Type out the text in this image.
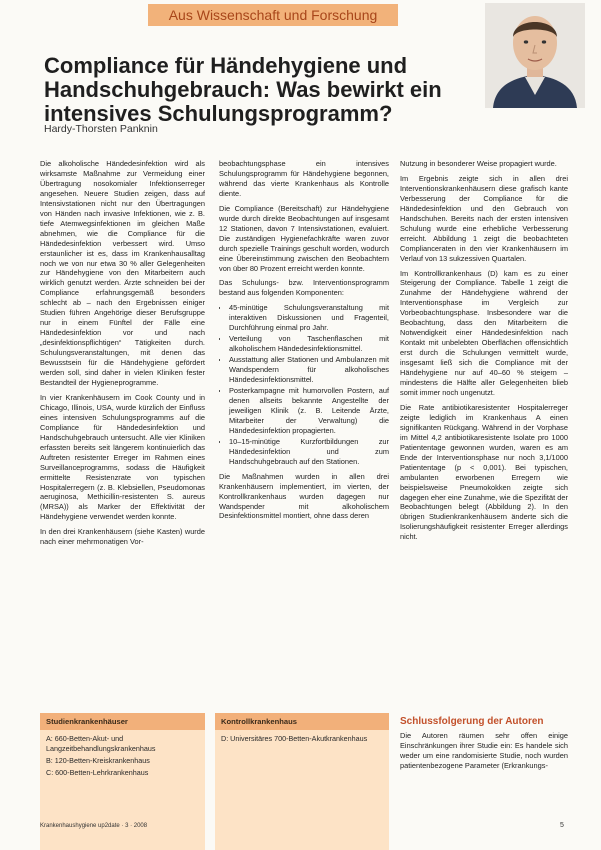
Aus Wissenschaft und Forschung
Compliance für Händehygiene und Handschuhgebrauch: Was bewirkt ein intensives Schulungsprogramm?
Hardy-Thorsten Panknin

Die alkoholische Händedesinfektion wird als wirksamste Maßnahme zur Vermeidung einer Übertragung nosokomialer Infektionserreger angesehen. Neuere Studien zeigen, dass auf Intensivstationen nicht nur den Übertragungen von Händen nach invasive Infektionen, wie z. B. tiefe Atemwegsinfektionen im gleichen Maße abnehmen, wie die Compliance für die Händedesinfektion verbessert wird. Umso erstaunlicher ist es, dass im Krankenhausalltag noch we von nur etwa 30 % aller Gelegenheiten zur Händehygiene von den Mitarbeitern auch wirklich genutzt werden. Ärzte schneiden bei der Compliance erfahrungsgemäß besonders schlecht ab – nach den Ergebnissen einiger Studien führen Angehörige dieser Berufsgruppe nur in einem Fünftel der Fälle eine Händedesinfektion vor und nach „desinfektionspflichtigen“ Tätigkeiten durch. Schulungsveranstaltungen, mit denen das Bewusstsein für die Händehygiene gefördert werden soll, sind daher in vielen Kliniken fester Bestandteil der Hygieneprogramme.

In vier Krankenhäusern im Cook County und in Chicago, Illinois, USA, wurde kürzlich der Einfluss eines intensiven Schulungsprogramms auf die Compliance für Händedesinfektion und Handschuhgebrauch untersucht. Alle vier Kliniken erfassten bereits seit längerem kontinuierlich das Auftreten resistenter Erreger im Rahmen eines Surveillanceprogramms, sodass die Häufigkeit ermittelte Resistenzrate von typischen Hospitalerregern (z. B. Klebsiellen, Pseudomonas aeruginosa, Methicillin-resistenten S. aureus (MRSA)) als Marker der Effektivität der Händehygiene verwendet werden konnte.

In den drei Krankenhäusern (siehe Kasten) wurde nach einer mehrmonatigen Vor-

beobachtungsphase ein intensives Schulungsprogramm für Händehygiene begonnen, während das vierte Krankenhaus als Kontrolle diente.

Die Compliance (Bereitschaft) zur Händehygiene wurde durch direkte Beobachtungen auf insgesamt 12 Stationen, davon 7 Intensivstationen, evaluiert. Die zuständigen Hygienefachkräfte waren zuvor durch spezielle Trainings geschult worden, wodurch eine Übereinstimmung zwischen den Beobachtern von über 80 Prozent erreicht werden konnte.

Das Schulungs- bzw. Interventionsprogramm bestand aus folgenden Komponenten:

• 45-minütige Schulungsveranstaltung mit interaktiven Diskussionen und Fragenteil, Durchführung einmal pro Jahr.
• Verteilung von Taschenflaschen mit alkoholischem Händedesinfektionsmittel.
• Ausstattung aller Stationen und Ambulanzen mit Wandspendern für alkoholisches Händedesinfektionsmittel.
• Posterkampagne mit humorvollen Postern, auf denen allseits bekannte Angestellte der jeweiligen Klinik (z. B. Leitende Ärzte, Mitarbeiter der Verwaltung) die Händedesinfektion propagierten.
• 10–15-minütige Kurzfortbildungen zur Händedesinfektion und zum Handschuhgebrauch auf den Stationen.

Die Maßnahmen wurden in allen drei Krankenhäusern implementiert, im vierten, der Kontrollkrankenhaus wurden dagegen nur Wandspender mit alkoholischem Desinfektionsmittel montiert, ohne dass deren

Nutzung in besonderer Weise propagiert wurde.

Im Ergebnis zeigte sich in allen drei Interventionskrankenhäusern diese grafisch kante Verbesserung der Compliance für die Händedesinfektion und den Gebrauch von Handschuhen. Bereits nach der ersten intensiven Schulung wurde eine erhebliche Verbesserung erreicht. Abbildung 1 zeigt die beobachteten Complianceraten in den vier Krankenhäusern im Verlauf von 13 sukzessiven Quartalen.

Im Kontrollkrankenhaus (D) kam es zu einer Steigerung der Compliance. Tabelle 1 zeigt die Zunahme der Händehygiene während der Interventionsphase im Vergleich zur Vorbeobachtungsphase. Insbesondere war die Beobachtung, dass den Mitarbeitern die Notwendigkeit einer Händedesinfektion nach Kontakt mit unbelebten Oberflächen offensichtlich erst durch die Schulungen vermittelt wurde, insgesamt ließ sich die Compliance mit der Händehygiene nur auf 40–60 % steigern – mindestens die Hälfte aller Gelegenheiten blieb somit immer noch ungenutzt.

Die Rate antibiotikaresistenter Hospitalerreger zeigte lediglich im Krankenhaus A einen signifikanten Rückgang. Während in der Vorphase im Mittel 4,2 antibiotikaresistente Isolate pro 1000 Patiententage gewonnen wurden, waren es am Ende der Interventionsphase nur noch 3,1/1000 Patiententage (p < 0,001). Bei typischen, ambulanten erworbenen Erregern wie beispielsweise Pneumokokken zeigte sich dagegen eher eine Zunahme, wie die Spezifität der Beobachtungen belegt (Abbildung 2). In den übrigen Studienkrankenhäusern änderte sich die Isolierungshäufigkeit resistenter Erreger allerdings nicht.

Studienkrankenhäuser
A: 660-Betten-Akut- und Langzeitbehandlungskrankenhaus
B: 120-Betten-Kreiskrankenhaus
C: 600-Betten-Lehrkrankenhaus
Kontrollkrankenhaus
D: Universitäres 700-Betten-Akutkrankenhaus
Schlussfolgerung der Autoren
Die Autoren räumen sehr offen einige Einschränkungen ihrer Studie ein: Es handele sich weder um eine randomisierte Studie, noch wurden patientenbezogene Parameter (Erkrankungs-
Krankenhaushygiene up2date · 3 · 2008	5
